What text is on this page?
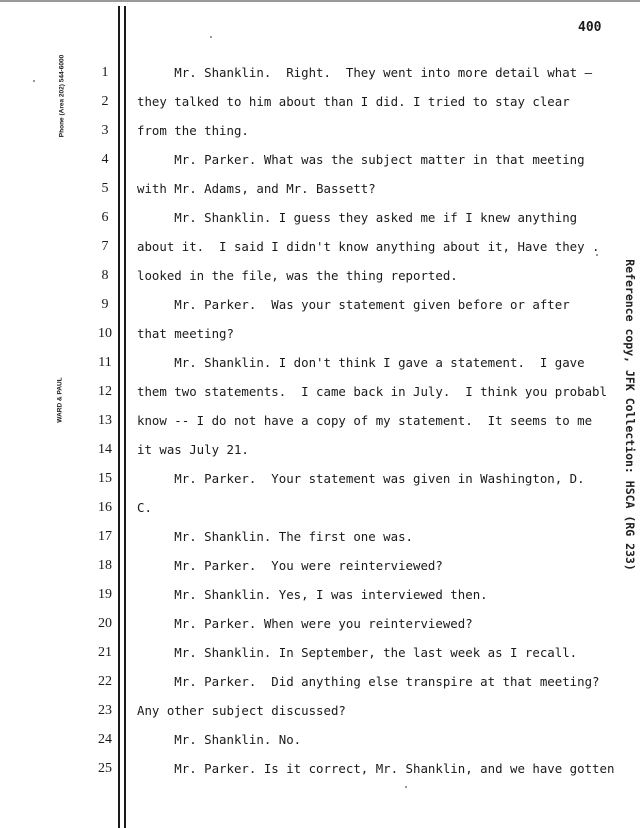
Phone (Area 202) 544-6000
WARD & PAUL	Reference copy, JFK Collection: HSCA (RG 233)
400
1	Mr. Shanklin.  Right.  They went into more detail what —
2	they talked to him about than I did. I tried to stay clear
3	from the thing.
4	Mr. Parker. What was the subject matter in that meeting
5	with Mr. Adams, and Mr. Bassett?
6	Mr. Shanklin. I guess they asked me if I knew anything
7	about it.  I said I didn't know anything about it, Have they .
8	looked in the file, was the thing reported.
9	Mr. Parker.  Was your statement given before or after
10	that meeting?
11	Mr. Shanklin. I don't think I gave a statement.  I gave
12	them two statements.  I came back in July.  I think you probabl
13	know -- I do not have a copy of my statement.  It seems to me
14	it was July 21.
15	Mr. Parker.  Your statement was given in Washington, D.
16	C.
17	Mr. Shanklin. The first one was.
18	Mr. Parker.  You were reinterviewed?
19	Mr. Shanklin. Yes, I was interviewed then.
20	Mr. Parker. When were you reinterviewed?
21	Mr. Shanklin. In September, the last week as I recall.
22	Mr. Parker.  Did anything else transpire at that meeting?
23	Any other subject discussed?
24	Mr. Shanklin. No.
25	Mr. Parker. Is it correct, Mr. Shanklin, and we have gotten
